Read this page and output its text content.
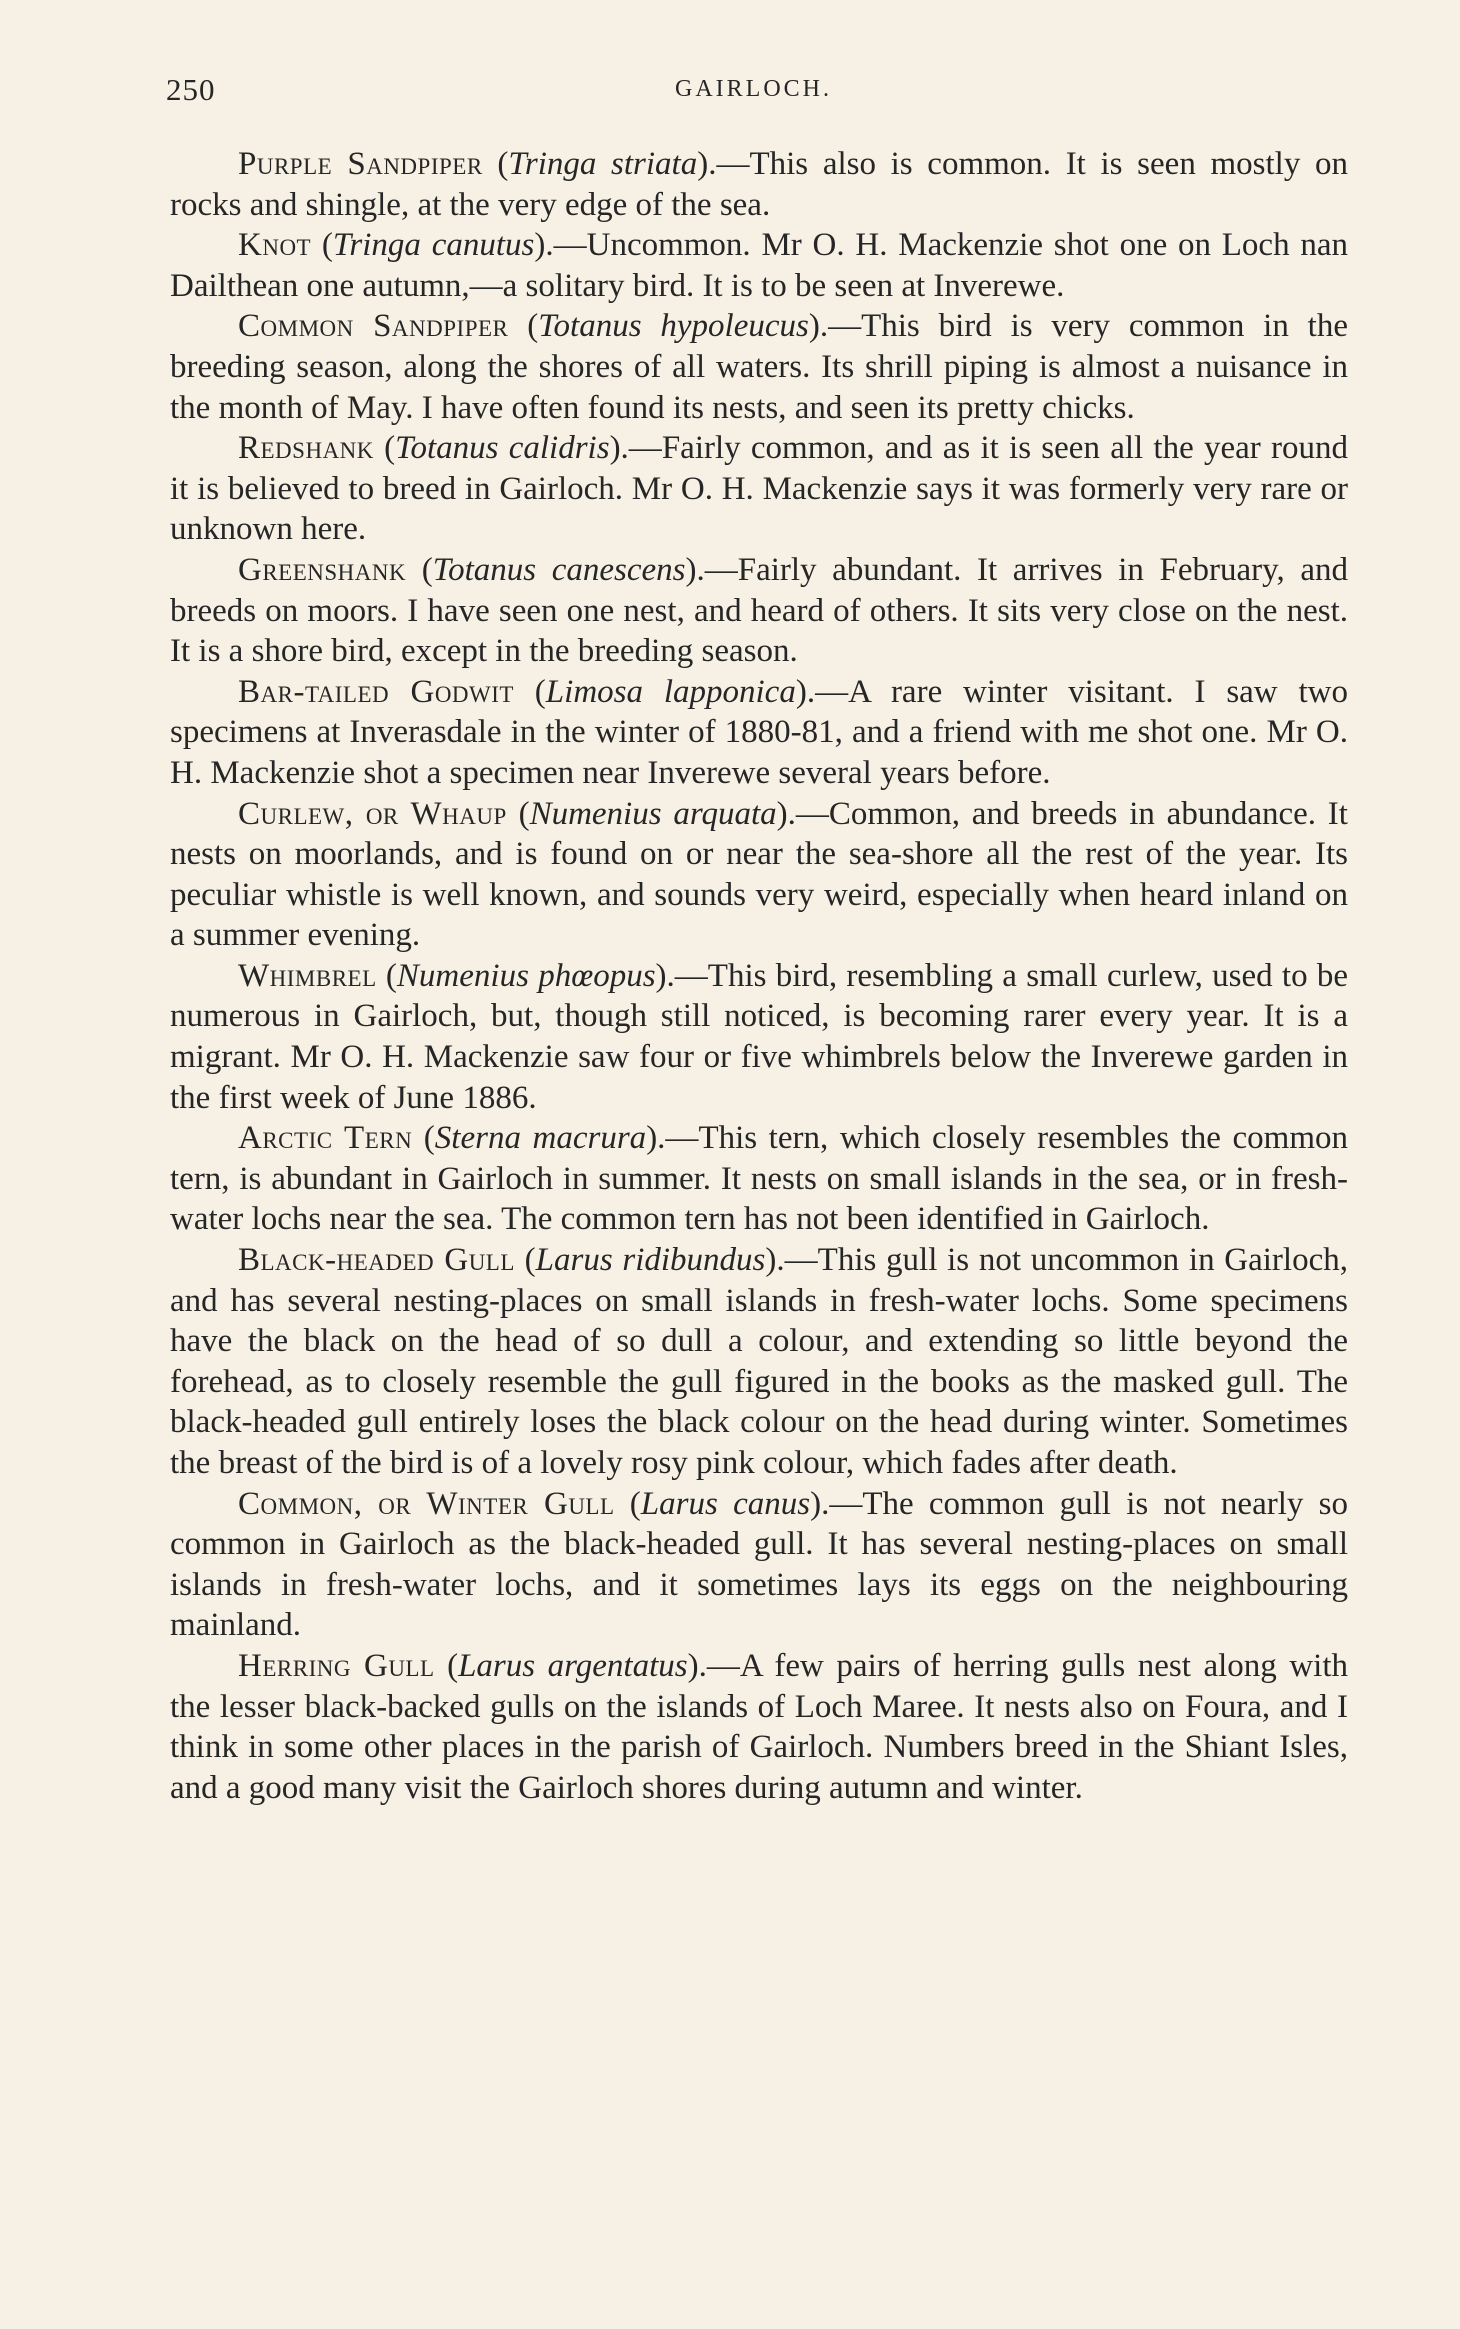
250	GAIRLOCH.

Purple Sandpiper (Tringa striata).—This also is common. It is seen mostly on rocks and shingle, at the very edge of the sea.

Knot (Tringa canutus).—Uncommon. Mr O. H. Mackenzie shot one on Loch nan Dailthean one autumn,—a solitary bird. It is to be seen at Inverewe.

Common Sandpiper (Totanus hypoleucus).—This bird is very common in the breeding season, along the shores of all waters. Its shrill piping is almost a nuisance in the month of May. I have often found its nests, and seen its pretty chicks.

Redshank (Totanus calidris).—Fairly common, and as it is seen all the year round it is believed to breed in Gairloch. Mr O. H. Mackenzie says it was formerly very rare or unknown here.

Greenshank (Totanus canescens).—Fairly abundant. It arrives in February, and breeds on moors. I have seen one nest, and heard of others. It sits very close on the nest. It is a shore bird, except in the breeding season.

Bar-tailed Godwit (Limosa lapponica).—A rare winter visitant. I saw two specimens at Inverasdale in the winter of 1880-81, and a friend with me shot one. Mr O. H. Mackenzie shot a specimen near Inverewe several years before.

Curlew, or Whaup (Numenius arquata).—Common, and breeds in abundance. It nests on moorlands, and is found on or near the sea-shore all the rest of the year. Its peculiar whistle is well known, and sounds very weird, especially when heard inland on a summer evening.

Whimbrel (Numenius phœopus).—This bird, resembling a small curlew, used to be numerous in Gairloch, but, though still noticed, is becoming rarer every year. It is a migrant. Mr O. H. Mackenzie saw four or five whimbrels below the Inverewe garden in the first week of June 1886.

Arctic Tern (Sterna macrura).—This tern, which closely resembles the common tern, is abundant in Gairloch in summer. It nests on small islands in the sea, or in fresh-water lochs near the sea. The common tern has not been identified in Gairloch.

Black-headed Gull (Larus ridibundus).—This gull is not uncommon in Gairloch, and has several nesting-places on small islands in fresh-water lochs. Some specimens have the black on the head of so dull a colour, and extending so little beyond the forehead, as to closely resemble the gull figured in the books as the masked gull. The black-headed gull entirely loses the black colour on the head during winter. Sometimes the breast of the bird is of a lovely rosy pink colour, which fades after death.

Common, or Winter Gull (Larus canus).—The common gull is not nearly so common in Gairloch as the black-headed gull. It has several nesting-places on small islands in fresh-water lochs, and it sometimes lays its eggs on the neighbouring mainland.

Herring Gull (Larus argentatus).—A few pairs of herring gulls nest along with the lesser black-backed gulls on the islands of Loch Maree. It nests also on Foura, and I think in some other places in the parish of Gairloch. Numbers breed in the Shiant Isles, and a good many visit the Gairloch shores during autumn and winter.
